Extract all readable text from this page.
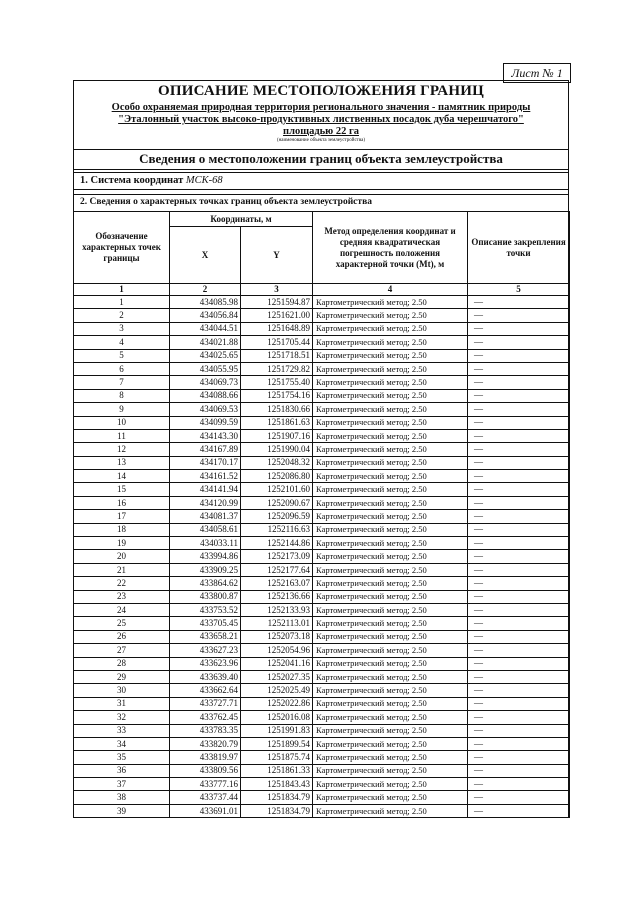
Лист № 1
ОПИСАНИЕ МЕСТОПОЛОЖЕНИЯ ГРАНИЦ
Особо охраняемая природная территория регионального значения - памятник природы
"Эталонный участок высоко-продуктивных лиственных посадок дуба черешчатого"
площадью 22 га
(наименование объекта землеустройства)
Сведения о местоположении границ объекта землеустройства
1. Система координат МСК-68
2. Сведения о характерных точках границ объекта землеустройства
Обозначение характерных точек границы	Координаты, м		Метод определения координат и средняя квадратическая погрешность положения характерной точки (Mt), м	Описание закрепления точки
	X	Y		
1	2	3	4	5
1	434085.98	1251594.87	Картометрический метод; 2.50	—
2	434056.84	1251621.00	Картометрический метод; 2.50	—
3	434044.51	1251648.89	Картометрический метод; 2.50	—
4	434021.88	1251705.44	Картометрический метод; 2.50	—
5	434025.65	1251718.51	Картометрический метод; 2.50	—
6	434055.95	1251729.82	Картометрический метод; 2.50	—
7	434069.73	1251755.40	Картометрический метод; 2.50	—
8	434088.66	1251754.16	Картометрический метод; 2.50	—
9	434069.53	1251830.66	Картометрический метод; 2.50	—
10	434099.59	1251861.63	Картометрический метод; 2.50	—
11	434143.30	1251907.16	Картометрический метод; 2.50	—
12	434167.89	1251990.04	Картометрический метод; 2.50	—
13	434170.17	1252048.32	Картометрический метод; 2.50	—
14	434161.52	1252086.80	Картометрический метод; 2.50	—
15	434141.94	1252101.60	Картометрический метод; 2.50	—
16	434120.99	1252090.67	Картометрический метод; 2.50	—
17	434081.37	1252096.59	Картометрический метод; 2.50	—
18	434058.61	1252116.63	Картометрический метод; 2.50	—
19	434033.11	1252144.86	Картометрический метод; 2.50	—
20	433994.86	1252173.09	Картометрический метод; 2.50	—
21	433909.25	1252177.64	Картометрический метод; 2.50	—
22	433864.62	1252163.07	Картометрический метод; 2.50	—
23	433800.87	1252136.66	Картометрический метод; 2.50	—
24	433753.52	1252133.93	Картометрический метод; 2.50	—
25	433705.45	1252113.01	Картометрический метод; 2.50	—
26	433658.21	1252073.18	Картометрический метод; 2.50	—
27	433627.23	1252054.96	Картометрический метод; 2.50	—
28	433623.96	1252041.16	Картометрический метод; 2.50	—
29	433639.40	1252027.35	Картометрический метод; 2.50	—
30	433662.64	1252025.49	Картометрический метод; 2.50	—
31	433727.71	1252022.86	Картометрический метод; 2.50	—
32	433762.45	1252016.08	Картометрический метод; 2.50	—
33	433783.35	1251991.83	Картометрический метод; 2.50	—
34	433820.79	1251899.54	Картометрический метод; 2.50	—
35	433819.97	1251875.74	Картометрический метод; 2.50	—
36	433809.56	1251861.33	Картометрический метод; 2.50	—
37	433777.16	1251843.43	Картометрический метод; 2.50	—
38	433737.44	1251834.79	Картометрический метод; 2.50	—
39	433691.01	1251834.79	Картометрический метод; 2.50	—
